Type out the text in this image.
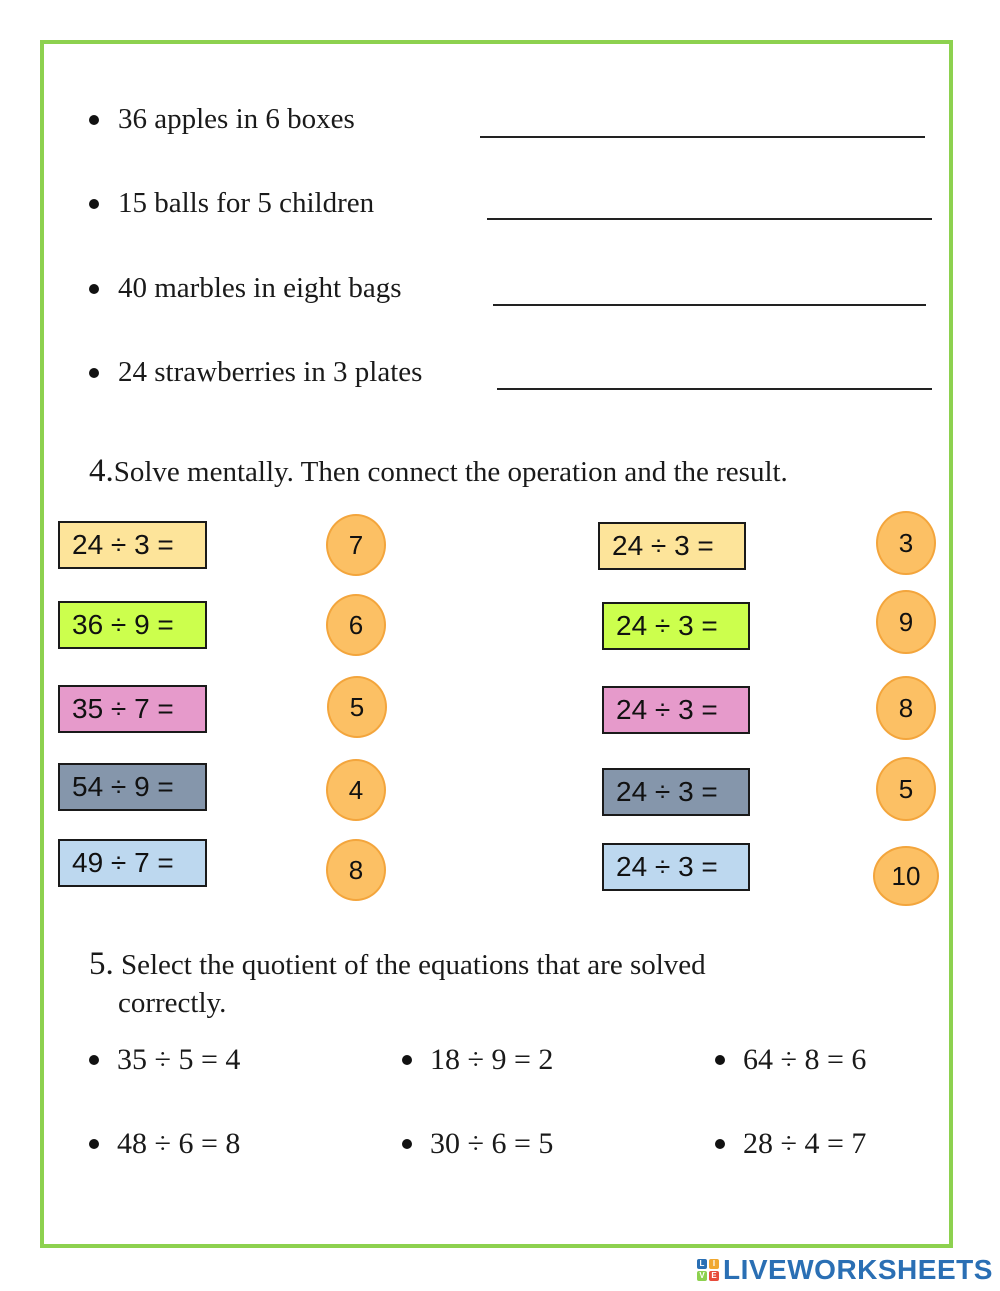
36 apples in 6 boxes
15 balls for 5 children
40 marbles in eight bags
24 strawberries in 3 plates
4.Solve mentally. Then connect the operation and the result.
24 ÷ 3 =
36 ÷ 9 =
35 ÷ 7 =
54 ÷ 9 =
49 ÷ 7 =
7
6
5
4
8
24 ÷ 3 =
24 ÷ 3 =
24 ÷ 3 =
24 ÷ 3 =
24 ÷ 3 =
3
9
8
5
10
5. Select the quotient of the equations that are solved
correctly.
35 ÷ 5 = 4	18 ÷ 9 = 2	64 ÷ 8 = 6
48 ÷ 6 = 8	30 ÷ 6 = 5	28 ÷ 4 = 7
L	I
V E LIVEWORKSHEETS
